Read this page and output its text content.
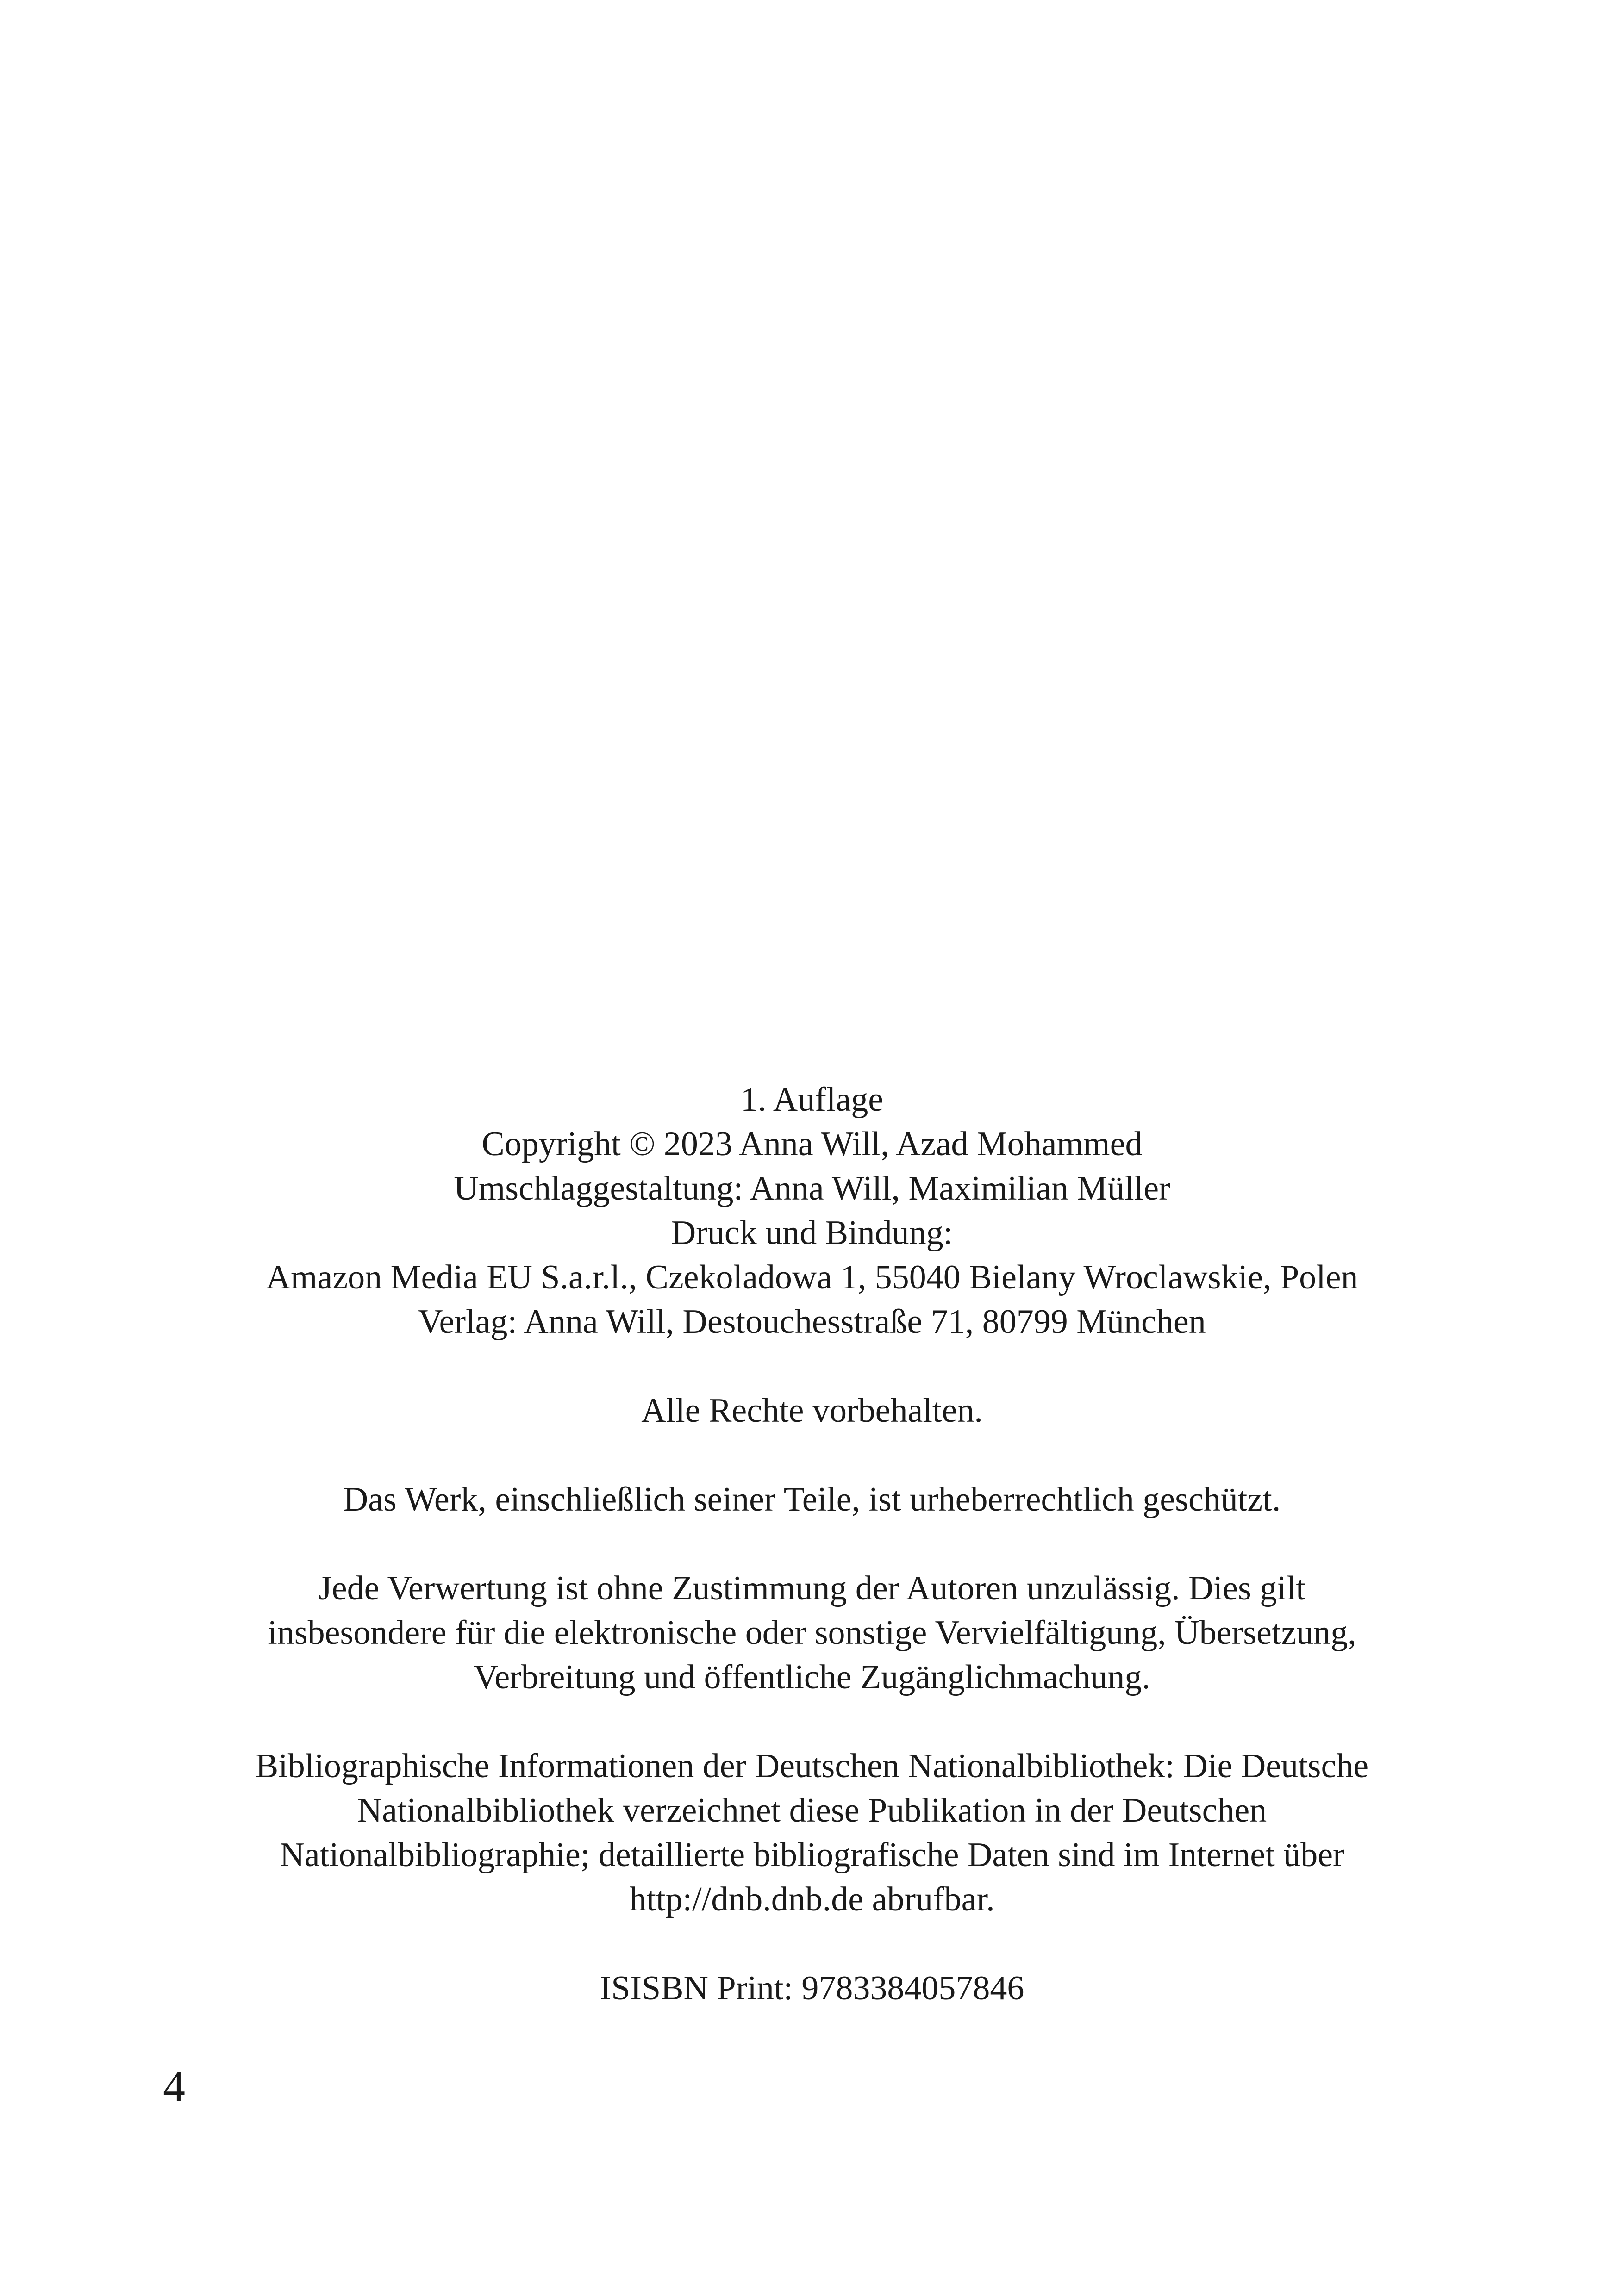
1. Auflage
Copyright © 2023 Anna Will, Azad Mohammed
Umschlaggestaltung: Anna Will, Maximilian Müller
Druck und Bindung:
Amazon Media EU S.a.r.l., Czekoladowa 1, 55040 Bielany Wroclawskie, Polen
Verlag: Anna Will, Destouchesstraße 71, 80799 München
Alle Rechte vorbehalten.
Das Werk, einschließlich seiner Teile, ist urheberrechtlich geschützt.
Jede Verwertung ist ohne Zustimmung der Autoren unzulässig. Dies gilt
insbesondere für die elektronische oder sonstige Vervielfältigung, Übersetzung,
Verbreitung und öffentliche Zugänglichmachung.
Bibliographische Informationen der Deutschen Nationalbibliothek: Die Deutsche
Nationalbibliothek verzeichnet diese Publikation in der Deutschen
Nationalbibliographie; detaillierte bibliografische Daten sind im Internet über
http://dnb.dnb.de abrufbar.
ISISBN Print: 9783384057846
4
